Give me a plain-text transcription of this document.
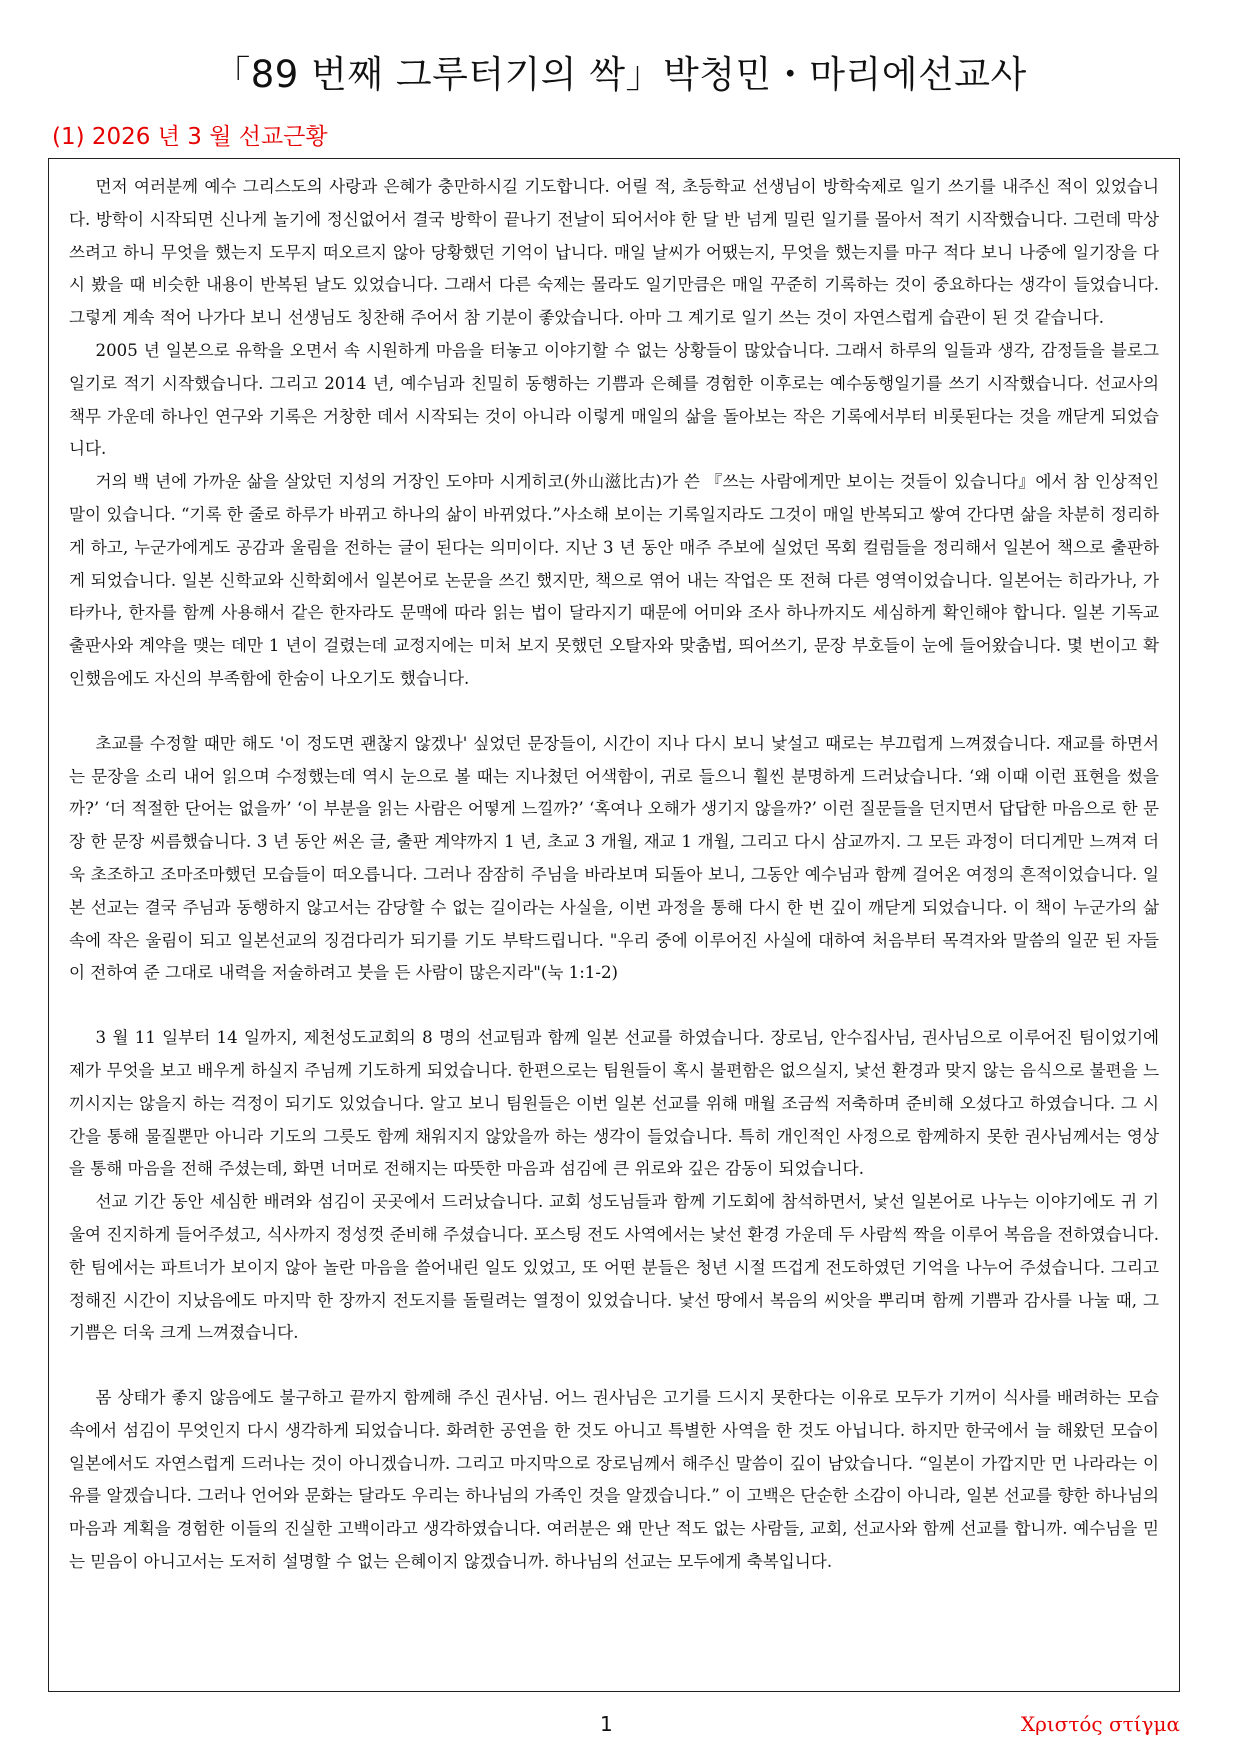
「89 번째 그루터기의 싹」박청민・마리에선교사
(1) 2026 년 3 월 선교근황

먼저 여러분께 예수 그리스도의 사랑과 은혜가 충만하시길 기도합니다. 어릴 적, 초등학교 선생님이 방학숙제로 일기 쓰기를 내주신 적이 있었습니다. 방학이 시작되면 신나게 놀기에 정신없어서 결국 방학이 끝나기 전날이 되어서야 한 달 반 넘게 밀린 일기를 몰아서 적기 시작했습니다. 그런데 막상 쓰려고 하니 무엇을 했는지 도무지 떠오르지 않아 당황했던 기억이 납니다. 매일 날씨가 어땠는지, 무엇을 했는지를 마구 적다 보니 나중에 일기장을 다시 봤을 때 비슷한 내용이 반복된 날도 있었습니다. 그래서 다른 숙제는 몰라도 일기만큼은 매일 꾸준히 기록하는 것이 중요하다는 생각이 들었습니다. 그렇게 계속 적어 나가다 보니 선생님도 칭찬해 주어서 참 기분이 좋았습니다. 아마 그 계기로 일기 쓰는 것이 자연스럽게 습관이 된 것 같습니다.

2005 년 일본으로 유학을 오면서 속 시원하게 마음을 터놓고 이야기할 수 없는 상황들이 많았습니다. 그래서 하루의 일들과 생각, 감정들을 블로그 일기로 적기 시작했습니다. 그리고 2014 년, 예수님과 친밀히 동행하는 기쁨과 은혜를 경험한 이후로는 예수동행일기를 쓰기 시작했습니다. 선교사의 책무 가운데 하나인 연구와 기록은 거창한 데서 시작되는 것이 아니라 이렇게 매일의 삶을 돌아보는 작은 기록에서부터 비롯된다는 것을 깨닫게 되었습니다.

거의 백 년에 가까운 삶을 살았던 지성의 거장인 도야마 시게히코(外山滋比古)가 쓴 『쓰는 사람에게만 보이는 것들이 있습니다』에서 참 인상적인 말이 있습니다. “기록 한 줄로 하루가 바뀌고 하나의 삶이 바뀌었다.”사소해 보이는 기록일지라도 그것이 매일 반복되고 쌓여 간다면 삶을 차분히 정리하게 하고, 누군가에게도 공감과 울림을 전하는 글이 된다는 의미이다. 지난 3 년 동안 매주 주보에 실었던 목회 컬럼들을 정리해서 일본어 책으로 출판하게 되었습니다. 일본 신학교와 신학회에서 일본어로 논문을 쓰긴 했지만, 책으로 엮어 내는 작업은 또 전혀 다른 영역이었습니다. 일본어는 히라가나, 가타카나, 한자를 함께 사용해서 같은 한자라도 문맥에 따라 읽는 법이 달라지기 때문에 어미와 조사 하나까지도 세심하게 확인해야 합니다. 일본 기독교 출판사와 계약을 맺는 데만 1 년이 걸렸는데 교정지에는 미처 보지 못했던 오탈자와 맞춤법, 띄어쓰기, 문장 부호들이 눈에 들어왔습니다. 몇 번이고 확인했음에도 자신의 부족함에 한숨이 나오기도 했습니다.

초교를 수정할 때만 해도 '이 정도면 괜찮지 않겠나' 싶었던 문장들이, 시간이 지나 다시 보니 낯설고 때로는 부끄럽게 느껴졌습니다. 재교를 하면서는 문장을 소리 내어 읽으며 수정했는데 역시 눈으로 볼 때는 지나쳤던 어색함이, 귀로 들으니 훨씬 분명하게 드러났습니다. ‘왜 이때 이런 표현을 썼을까?’ ‘더 적절한 단어는 없을까’ ‘이 부분을 읽는 사람은 어떻게 느낄까?’ ‘혹여나 오해가 생기지 않을까?’ 이런 질문들을 던지면서 답답한 마음으로 한 문장 한 문장 씨름했습니다. 3 년 동안 써온 글, 출판 계약까지 1 년, 초교 3 개월, 재교 1 개월, 그리고 다시 삼교까지. 그 모든 과정이 더디게만 느껴져 더욱 초조하고 조마조마했던 모습들이 떠오릅니다. 그러나 잠잠히 주님을 바라보며 되돌아 보니, 그동안 예수님과 함께 걸어온 여정의 흔적이었습니다. 일본 선교는 결국 주님과 동행하지 않고서는 감당할 수 없는 길이라는 사실을, 이번 과정을 통해 다시 한 번 깊이 깨닫게 되었습니다. 이 책이 누군가의 삶 속에 작은 울림이 되고 일본선교의 징검다리가 되기를 기도 부탁드립니다. "우리 중에 이루어진 사실에 대하여 처음부터 목격자와 말씀의 일꾼 된 자들이 전하여 준 그대로 내력을 저술하려고 붓을 든 사람이 많은지라"(눅 1:1-2)

3 월 11 일부터 14 일까지, 제천성도교회의 8 명의 선교팀과 함께 일본 선교를 하였습니다. 장로님, 안수집사님, 권사님으로 이루어진 팀이었기에 제가 무엇을 보고 배우게 하실지 주님께 기도하게 되었습니다. 한편으로는 팀원들이 혹시 불편함은 없으실지, 낯선 환경과 맞지 않는 음식으로 불편을 느끼시지는 않을지 하는 걱정이 되기도 있었습니다. 알고 보니 팀원들은 이번 일본 선교를 위해 매월 조금씩 저축하며 준비해 오셨다고 하였습니다. 그 시간을 통해 물질뿐만 아니라 기도의 그릇도 함께 채워지지 않았을까 하는 생각이 들었습니다. 특히 개인적인 사정으로 함께하지 못한 권사님께서는 영상을 통해 마음을 전해 주셨는데, 화면 너머로 전해지는 따뜻한 마음과 섬김에 큰 위로와 깊은 감동이 되었습니다.

선교 기간 동안 세심한 배려와 섬김이 곳곳에서 드러났습니다. 교회 성도님들과 함께 기도회에 참석하면서, 낯선 일본어로 나누는 이야기에도 귀 기울여 진지하게 들어주셨고, 식사까지 정성껏 준비해 주셨습니다. 포스팅 전도 사역에서는 낯선 환경 가운데 두 사람씩 짝을 이루어 복음을 전하였습니다. 한 팀에서는 파트너가 보이지 않아 놀란 마음을 쓸어내린 일도 있었고, 또 어떤 분들은 청년 시절 뜨겁게 전도하였던 기억을 나누어 주셨습니다. 그리고 정해진 시간이 지났음에도 마지막 한 장까지 전도지를 돌릴려는 열정이 있었습니다. 낯선 땅에서 복음의 씨앗을 뿌리며 함께 기쁨과 감사를 나눌 때, 그 기쁨은 더욱 크게 느껴졌습니다.

몸 상태가 좋지 않음에도 불구하고 끝까지 함께해 주신 권사님. 어느 권사님은 고기를 드시지 못한다는 이유로 모두가 기꺼이 식사를 배려하는 모습 속에서 섬김이 무엇인지 다시 생각하게 되었습니다. 화려한 공연을 한 것도 아니고 특별한 사역을 한 것도 아닙니다. 하지만 한국에서 늘 해왔던 모습이 일본에서도 자연스럽게 드러나는 것이 아니겠습니까. 그리고 마지막으로 장로님께서 해주신 말씀이 깊이 남았습니다. “일본이 가깝지만 먼 나라라는 이유를 알겠습니다. 그러나 언어와 문화는 달라도 우리는 하나님의 가족인 것을 알겠습니다.” 이 고백은 단순한 소감이 아니라, 일본 선교를 향한 하나님의 마음과 계획을 경험한 이들의 진실한 고백이라고 생각하였습니다. 여러분은 왜 만난 적도 없는 사람들, 교회, 선교사와 함께 선교를 합니까. 예수님을 믿는 믿음이 아니고서는 도저히 설명할 수 없는 은혜이지 않겠습니까. 하나님의 선교는 모두에게 축복입니다.

1	Χριστός στίγμα
